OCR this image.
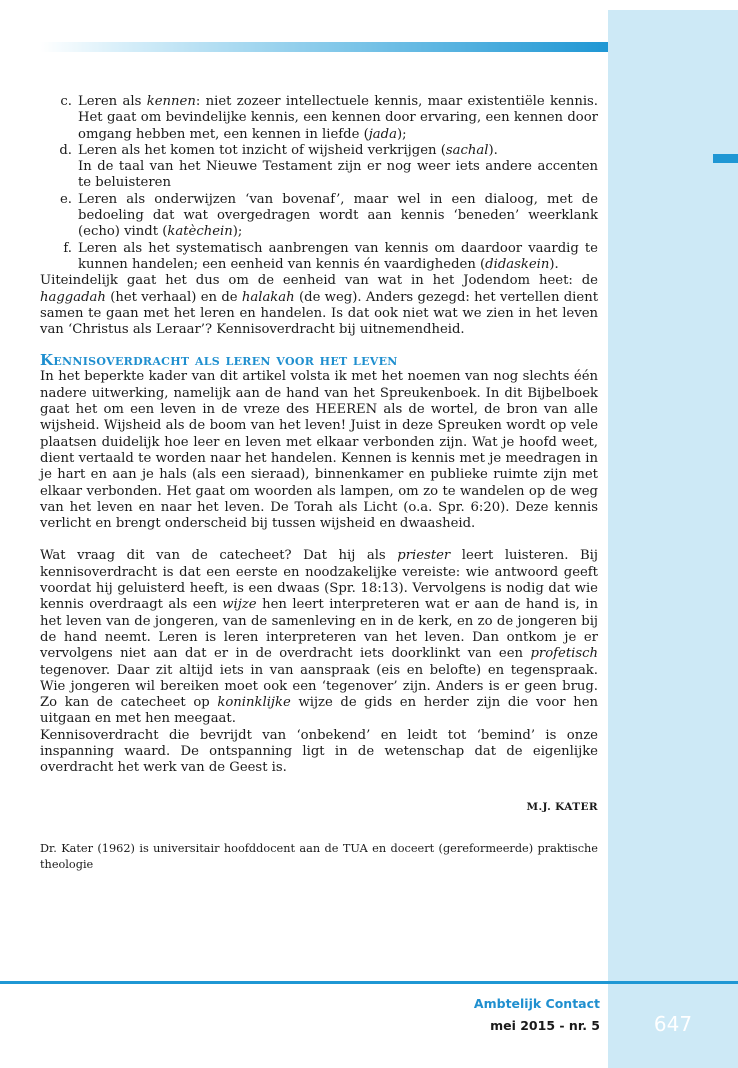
c. Leren als kennen: niet zozeer intellectuele kennis, maar existentiële kennis. Het gaat om bevindelijke kennis, een kennen door ervaring, een kennen door omgang hebben met, een kennen in liefde (jada);
d. Leren als het komen tot inzicht of wijsheid verkrijgen (sachal).
In de taal van het Nieuwe Testament zijn er nog weer iets andere accenten te beluisteren
e. Leren als onderwijzen ‘van bovenaf’, maar wel in een dialoog, met de bedoeling dat wat overgedragen wordt aan kennis ‘beneden’ weerklank (echo) vindt (katèchein);
f. Leren als het systematisch aanbrengen van kennis om daardoor vaardig te kunnen handelen; een eenheid van kennis én vaardigheden (didaskein).

Uiteindelijk gaat het dus om de eenheid van wat in het Jodendom heet: de haggadah (het verhaal) en de halakah (de weg). Anders gezegd: het vertellen dient samen te gaan met het leren en handelen. Is dat ook niet wat we zien in het leven van ‘Christus als Leraar’? Kennisoverdracht bij uitnemendheid.

Kennisoverdracht als leren voor het leven

In het beperkte kader van dit artikel volsta ik met het noemen van nog slechts één nadere uitwerking, namelijk aan de hand van het Spreukenboek. In dit Bijbelboek gaat het om een leven in de vreze des HEEREN als de wortel, de bron van alle wijsheid. Wijsheid als de boom van het leven! Juist in deze Spreuken wordt op vele plaatsen duidelijk hoe leer en leven met elkaar verbonden zijn. Wat je hoofd weet, dient vertaald te worden naar het handelen. Kennen is kennis met je meedragen in je hart en aan je hals (als een sieraad), binnenkamer en publieke ruimte zijn met elkaar verbonden. Het gaat om woorden als lampen, om zo te wandelen op de weg van het leven en naar het leven. De Torah als Licht (o.a. Spr. 6:20). Deze kennis verlicht en brengt onderscheid bij tussen wijsheid en dwaasheid.

Wat vraag dit van de catecheet? Dat hij als priester leert luisteren. Bij kennisoverdracht is dat een eerste en noodzakelijke vereiste: wie antwoord geeft voordat hij geluisterd heeft, is een dwaas (Spr. 18:13). Vervolgens is nodig dat wie kennis overdraagt als een wijze hen leert interpreteren wat er aan de hand is, in het leven van de jongeren, van de samenleving en in de kerk, en zo de jongeren bij de hand neemt. Leren is leren interpreteren van het leven. Dan ontkom je er vervolgens niet aan dat er in de overdracht iets doorklinkt van een profetisch tegenover. Daar zit altijd iets in van aanspraak (eis en belofte) en tegenspraak. Wie jongeren wil bereiken moet ook een ‘tegenover’ zijn. Anders is er geen brug. Zo kan de catecheet op koninklijke wijze de gids en herder zijn die voor hen uitgaan en met hen meegaat.

Kennisoverdracht die bevrijdt van ‘onbekend’ en leidt tot ‘bemind’ is onze inspanning waard. De ontspanning ligt in de wetenschap dat de eigenlijke overdracht het werk van de Geest is.

M.J. KATER

Dr. Kater (1962) is universitair hoofddocent aan de TUA en doceert (gereformeerde) praktische theologie

Ambtelijk Contact
mei 2015 - nr. 5	647
